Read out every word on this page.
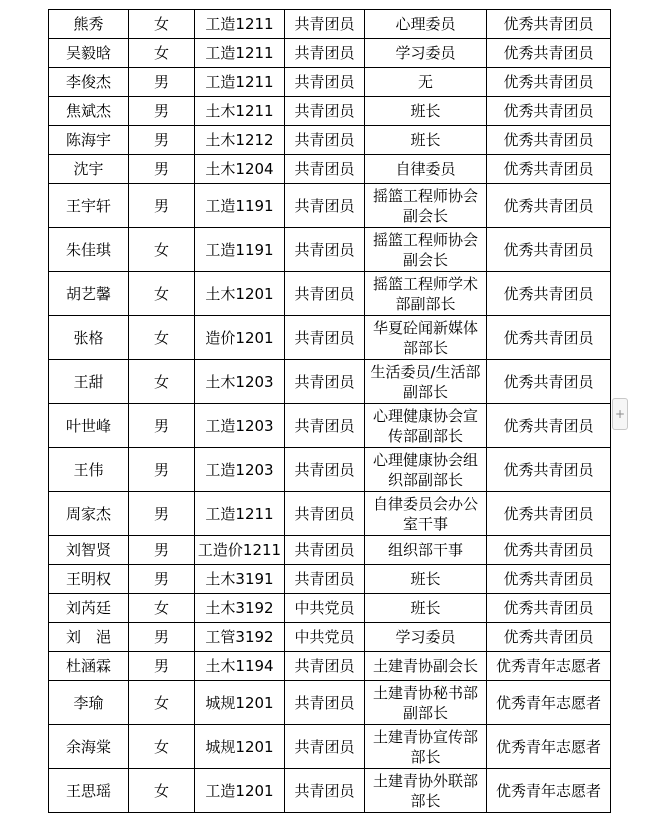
熊秀	女	工造1211	共青团员	心理委员	优秀共青团员
吴毅晗	女	工造1211	共青团员	学习委员	优秀共青团员
李俊杰	男	工造1211	共青团员	无	优秀共青团员
焦斌杰	男	土木1211	共青团员	班长	优秀共青团员
陈海宇	男	土木1212	共青团员	班长	优秀共青团员
沈宇	男	土木1204	共青团员	自律委员	优秀共青团员
王宇轩	男	工造1191	共青团员	摇篮工程师协会副会长	优秀共青团员
朱佳琪	女	工造1191	共青团员	摇篮工程师协会副会长	优秀共青团员
胡艺馨	女	土木1201	共青团员	摇篮工程师学术部副部长	优秀共青团员
张格	女	造价1201	共青团员	华夏砼闻新媒体部部长	优秀共青团员
王甜	女	土木1203	共青团员	生活委员/生活部副部长	优秀共青团员
叶世峰	男	工造1203	共青团员	心理健康协会宣传部副部长	优秀共青团员
王伟	男	工造1203	共青团员	心理健康协会组织部副部长	优秀共青团员
周家杰	男	工造1211	共青团员	自律委员会办公室干事	优秀共青团员
刘智贤	男	工造价1211	共青团员	组织部干事	优秀共青团员
王明权	男	土木3191	共青团员	班长	优秀共青团员
刘芮廷	女	土木3192	中共党员	班长	优秀共青团员
刘　浥	男	工管3192	中共党员	学习委员	优秀共青团员
杜涵霖	男	土木1194	共青团员	土建青协副会长	优秀青年志愿者
李瑜	女	城规1201	共青团员	土建青协秘书部副部长	优秀青年志愿者
余海棠	女	城规1201	共青团员	土建青协宣传部部长	优秀青年志愿者
王思瑶	女	工造1201	共青团员	土建青协外联部部长	优秀青年志愿者
+
